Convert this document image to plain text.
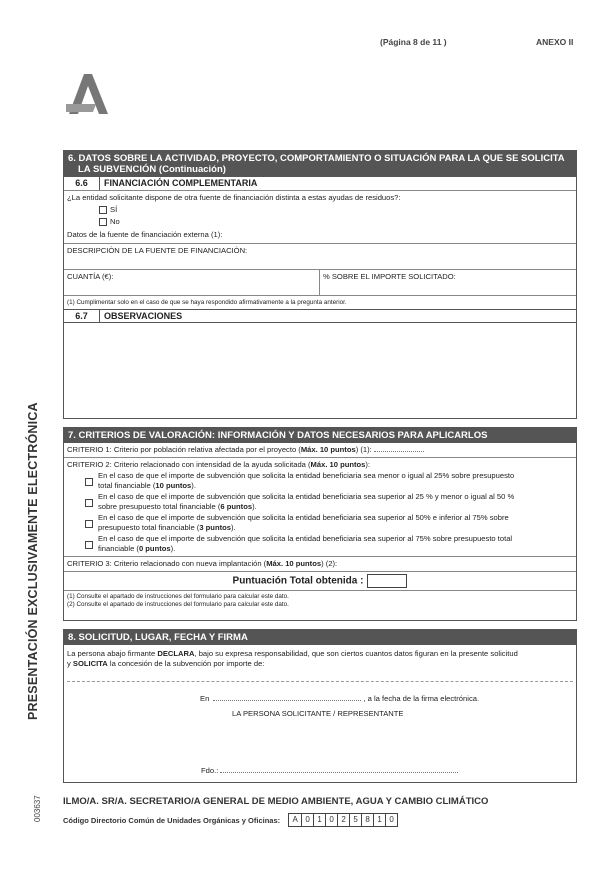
(Página 8 de 11 )	ANEXO II
PRESENTACIÓN EXCLUSIVAMENTE ELECTRÓNICA
003637
6. DATOS SOBRE LA ACTIVIDAD, PROYECTO, COMPORTAMIENTO O SITUACIÓN PARA LA QUE SE SOLICITA
LA SUBVENCIÓN (Continuación)
6.6	FINANCIACIÓN COMPLEMENTARIA
¿La entidad solicitante dispone de otra fuente de financiación distinta a estas ayudas de residuos?:
SÍ
No
Datos de la fuente de financiación externa (1):
DESCRIPCIÓN DE LA FUENTE DE FINANCIACIÓN:
CUANTÍA (€):	% SOBRE EL IMPORTE SOLICITADO:
(1) Cumplimentar solo en el caso de que se haya respondido afirmativamente a la pregunta anterior.
6.7	OBSERVACIONES
7. CRITERIOS DE VALORACIÓN: INFORMACIÓN Y DATOS NECESARIOS PARA APLICARLOS
CRITERIO 1: Criterio por población relativa afectada por el proyecto (Máx. 10 puntos) (1):
CRITERIO 2: Criterio relacionado con intensidad de la ayuda solicitada (Máx. 10 puntos):
En el caso de que el importe de subvención que solicita la entidad beneficiaria sea menor o igual al 25% sobre presupuesto
total financiable (10 puntos).
En el caso de que el importe de subvención que solicita la entidad beneficiaria sea superior al 25 % y menor o igual al 50 %
sobre presupuesto total financiable (6 puntos).
En el caso de que el importe de subvención que solicita la entidad beneficiaria sea superior al 50% e inferior al 75% sobre
presupuesto total financiable (3 puntos).
En el caso de que el importe de subvención que solicita la entidad beneficiaria sea superior al 75% sobre presupuesto total
financiable (0 puntos).
CRITERIO 3: Criterio relacionado con nueva implantación (Máx. 10 puntos) (2):
Puntuación Total obtenida :
(1) Consulte el apartado de instrucciones del formulario para calcular este dato.
(2) Consulte el apartado de instrucciones del formulario para calcular este dato.
8. SOLICITUD, LUGAR, FECHA Y FIRMA
La persona abajo firmante DECLARA, bajo su expresa responsabilidad, que son ciertos cuantos datos figuran en la presente solicitud
y SOLICITA la concesión de la subvención por importe de:
En	, a la fecha de la firma electrónica.
LA PERSONA SOLICITANTE / REPRESENTANTE
Fdo.:
ILMO/A. SR/A. SECRETARIO/A GENERAL DE MEDIO AMBIENTE, AGUA Y CAMBIO CLIMÁTICO
Código Directorio Común de Unidades Orgánicas y Oficinas:	A 0 1 0 2 5 8 1 0
